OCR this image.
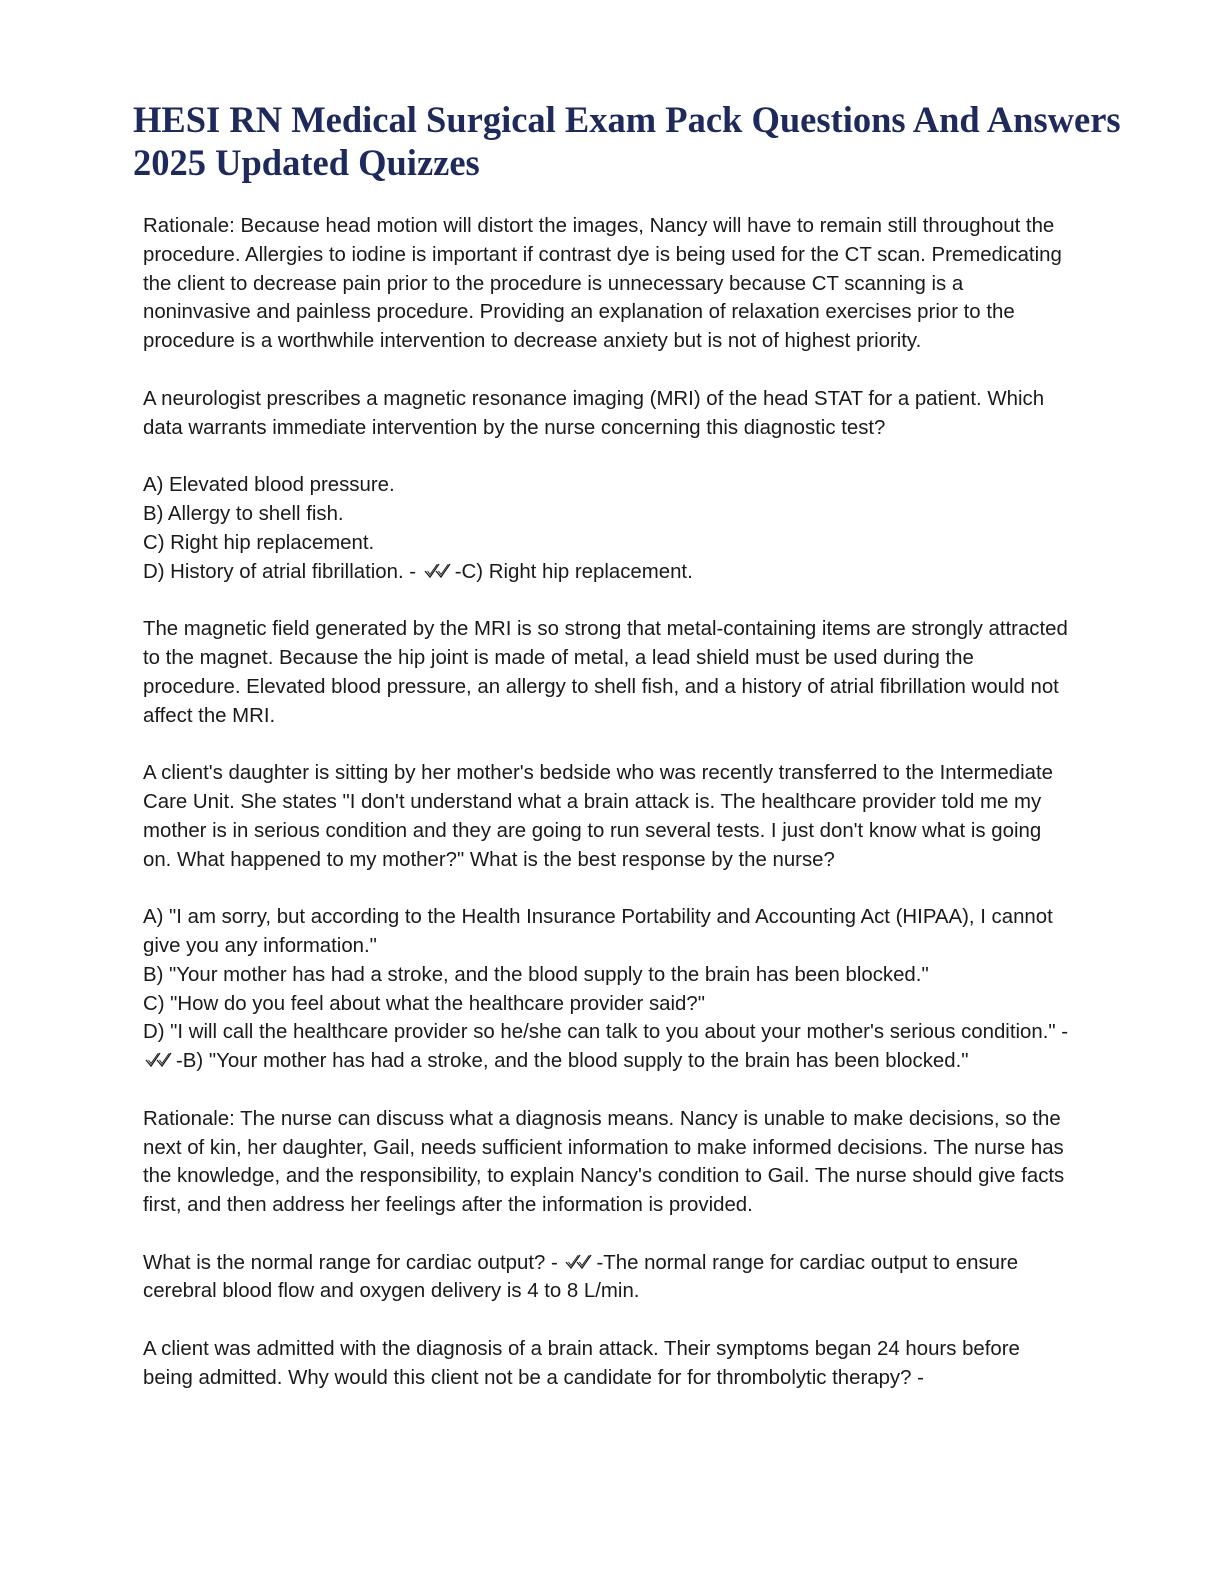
HESI RN Medical Surgical Exam Pack Questions And Answers 2025 Updated Quizzes

Rationale: Because head motion will distort the images, Nancy will have to remain still throughout the procedure. Allergies to iodine is important if contrast dye is being used for the CT scan. Premedicating the client to decrease pain prior to the procedure is unnecessary because CT scanning is a noninvasive and painless procedure. Providing an explanation of relaxation exercises prior to the procedure is a worthwhile intervention to decrease anxiety but is not of highest priority.

A neurologist prescribes a magnetic resonance imaging (MRI) of the head STAT for a patient. Which data warrants immediate intervention by the nurse concerning this diagnostic test?

A) Elevated blood pressure.
B) Allergy to shell fish.
C) Right hip replacement.
D) History of atrial fibrillation. - -C) Right hip replacement.

The magnetic field generated by the MRI is so strong that metal-containing items are strongly attracted to the magnet. Because the hip joint is made of metal, a lead shield must be used during the procedure. Elevated blood pressure, an allergy to shell fish, and a history of atrial fibrillation would not affect the MRI.

A client's daughter is sitting by her mother's bedside who was recently transferred to the Intermediate Care Unit. She states "I don't understand what a brain attack is. The healthcare provider told me my mother is in serious condition and they are going to run several tests. I just don't know what is going on. What happened to my mother?" What is the best response by the nurse?

A) "I am sorry, but according to the Health Insurance Portability and Accounting Act (HIPAA), I cannot give you any information."
B) "Your mother has had a stroke, and the blood supply to the brain has been blocked."
C) "How do you feel about what the healthcare provider said?"
D) "I will call the healthcare provider so he/she can talk to you about your mother's serious condition." -
-B) "Your mother has had a stroke, and the blood supply to the brain has been blocked."

Rationale: The nurse can discuss what a diagnosis means. Nancy is unable to make decisions, so the next of kin, her daughter, Gail, needs sufficient information to make informed decisions. The nurse has the knowledge, and the responsibility, to explain Nancy's condition to Gail. The nurse should give facts first, and then address her feelings after the information is provided.

What is the normal range for cardiac output? - -The normal range for cardiac output to ensure cerebral blood flow and oxygen delivery is 4 to 8 L/min.

A client was admitted with the diagnosis of a brain attack. Their symptoms began 24 hours before being admitted. Why would this client not be a candidate for for thrombolytic therapy? -
